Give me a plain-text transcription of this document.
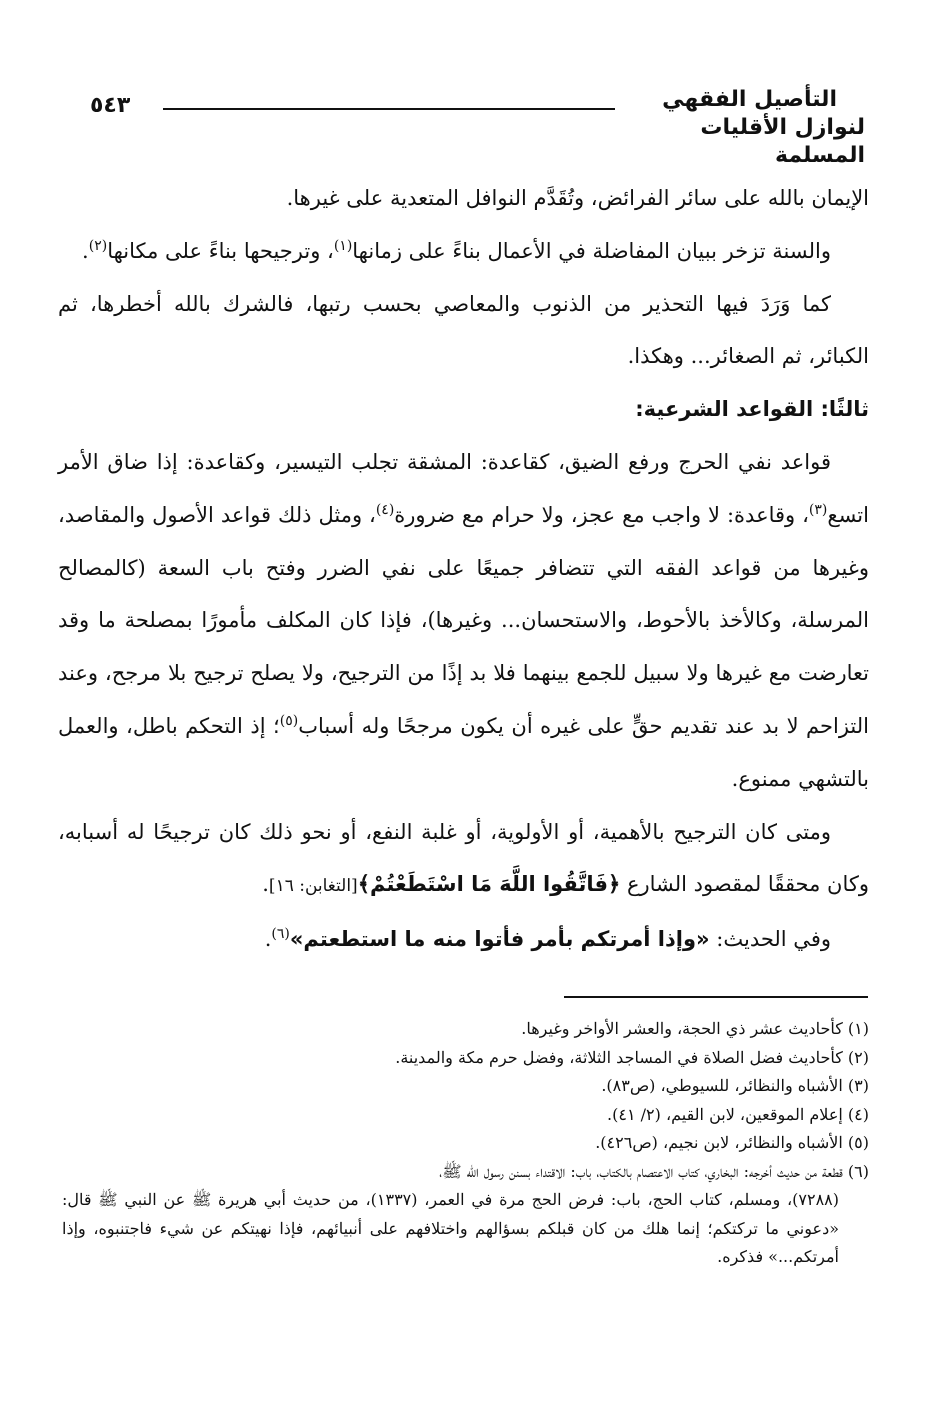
التأصيل الفقهي
لنوازل الأقليات المسلمة
٥٤٣

الإيمان بالله على سائر الفرائض، وتُقَدَّم النوافل المتعدية على غيرها.

والسنة تزخر ببيان المفاضلة في الأعمال بناءً على زمانها$^{(١)}$، وترجيحها بناءً على مكانها$^{(٢)}$.

كما وَرَدَ فيها التحذير من الذنوب والمعاصي بحسب رتبها، فالشرك بالله أخطرها، ثم الكبائر، ثم الصغائر... وهكذا.

ثالثًا: القواعد الشرعية:

قواعد نفي الحرج ورفع الضيق، كقاعدة: المشقة تجلب التيسير، وكقاعدة: إذا ضاق الأمر اتسع$^{(٣)}$، وقاعدة: لا واجب مع عجز، ولا حرام مع ضرورة$^{(٤)}$، ومثل ذلك قواعد الأصول والمقاصد، وغيرها من قواعد الفقه التي تتضافر جميعًا على نفي الضرر وفتح باب السعة (كالمصالح المرسلة، وكالأخذ بالأحوط، والاستحسان... وغيرها)، فإذا كان المكلف مأمورًا بمصلحة ما وقد تعارضت مع غيرها ولا سبيل للجمع بينهما فلا بد إذًا من الترجيح، ولا يصلح ترجيح بلا مرجح، وعند التزاحم لا بد عند تقديم حقٍّ على غيره أن يكون مرجحًا وله أسباب$^{(٥)}$؛ إذ التحكم باطل، والعمل بالتشهي ممنوع.

ومتى كان الترجيح بالأهمية، أو الأولوية، أو غلبة النفع، أو نحو ذلك كان ترجيحًا له أسبابه، وكان محققًا لمقصود الشارع ﴿فَاتَّقُوا اللَّهَ مَا اسْتَطَعْتُمْ﴾[التغابن: ١٦].

وفي الحديث: «وإذا أمرتكم بأمر فأتوا منه ما استطعتم»$^{(٦)}$.

(١) كأحاديث عشر ذي الحجة، والعشر الأواخر وغيرها.

(٢) كأحاديث فضل الصلاة في المساجد الثلاثة، وفضل حرم مكة والمدينة.

(٣) الأشباه والنظائر، للسيوطي، (ص٨٣).

(٤) إعلام الموقعين، لابن القيم، (٢/ ٤١).

(٥) الأشباه والنظائر، لابن نجيم، (ص٤٢٦).

(٦) قطعة من حديث أخرجه: البخاري، كتاب الاعتصام بالكتاب، باب: الاقتداء بسنن رسول الله ﷺ،

(٧٢٨٨)، ومسلم، كتاب الحج، باب: فرض الحج مرة في العمر، (١٣٣٧)، من حديث أبي هريرة ﷺ عن النبي ﷺ قال: «دعوني ما تركتكم؛ إنما هلك من كان قبلكم بسؤالهم واختلافهم على أنبيائهم، فإذا نهيتكم عن شيء فاجتنبوه، وإذا أمرتكم...» فذكره.
